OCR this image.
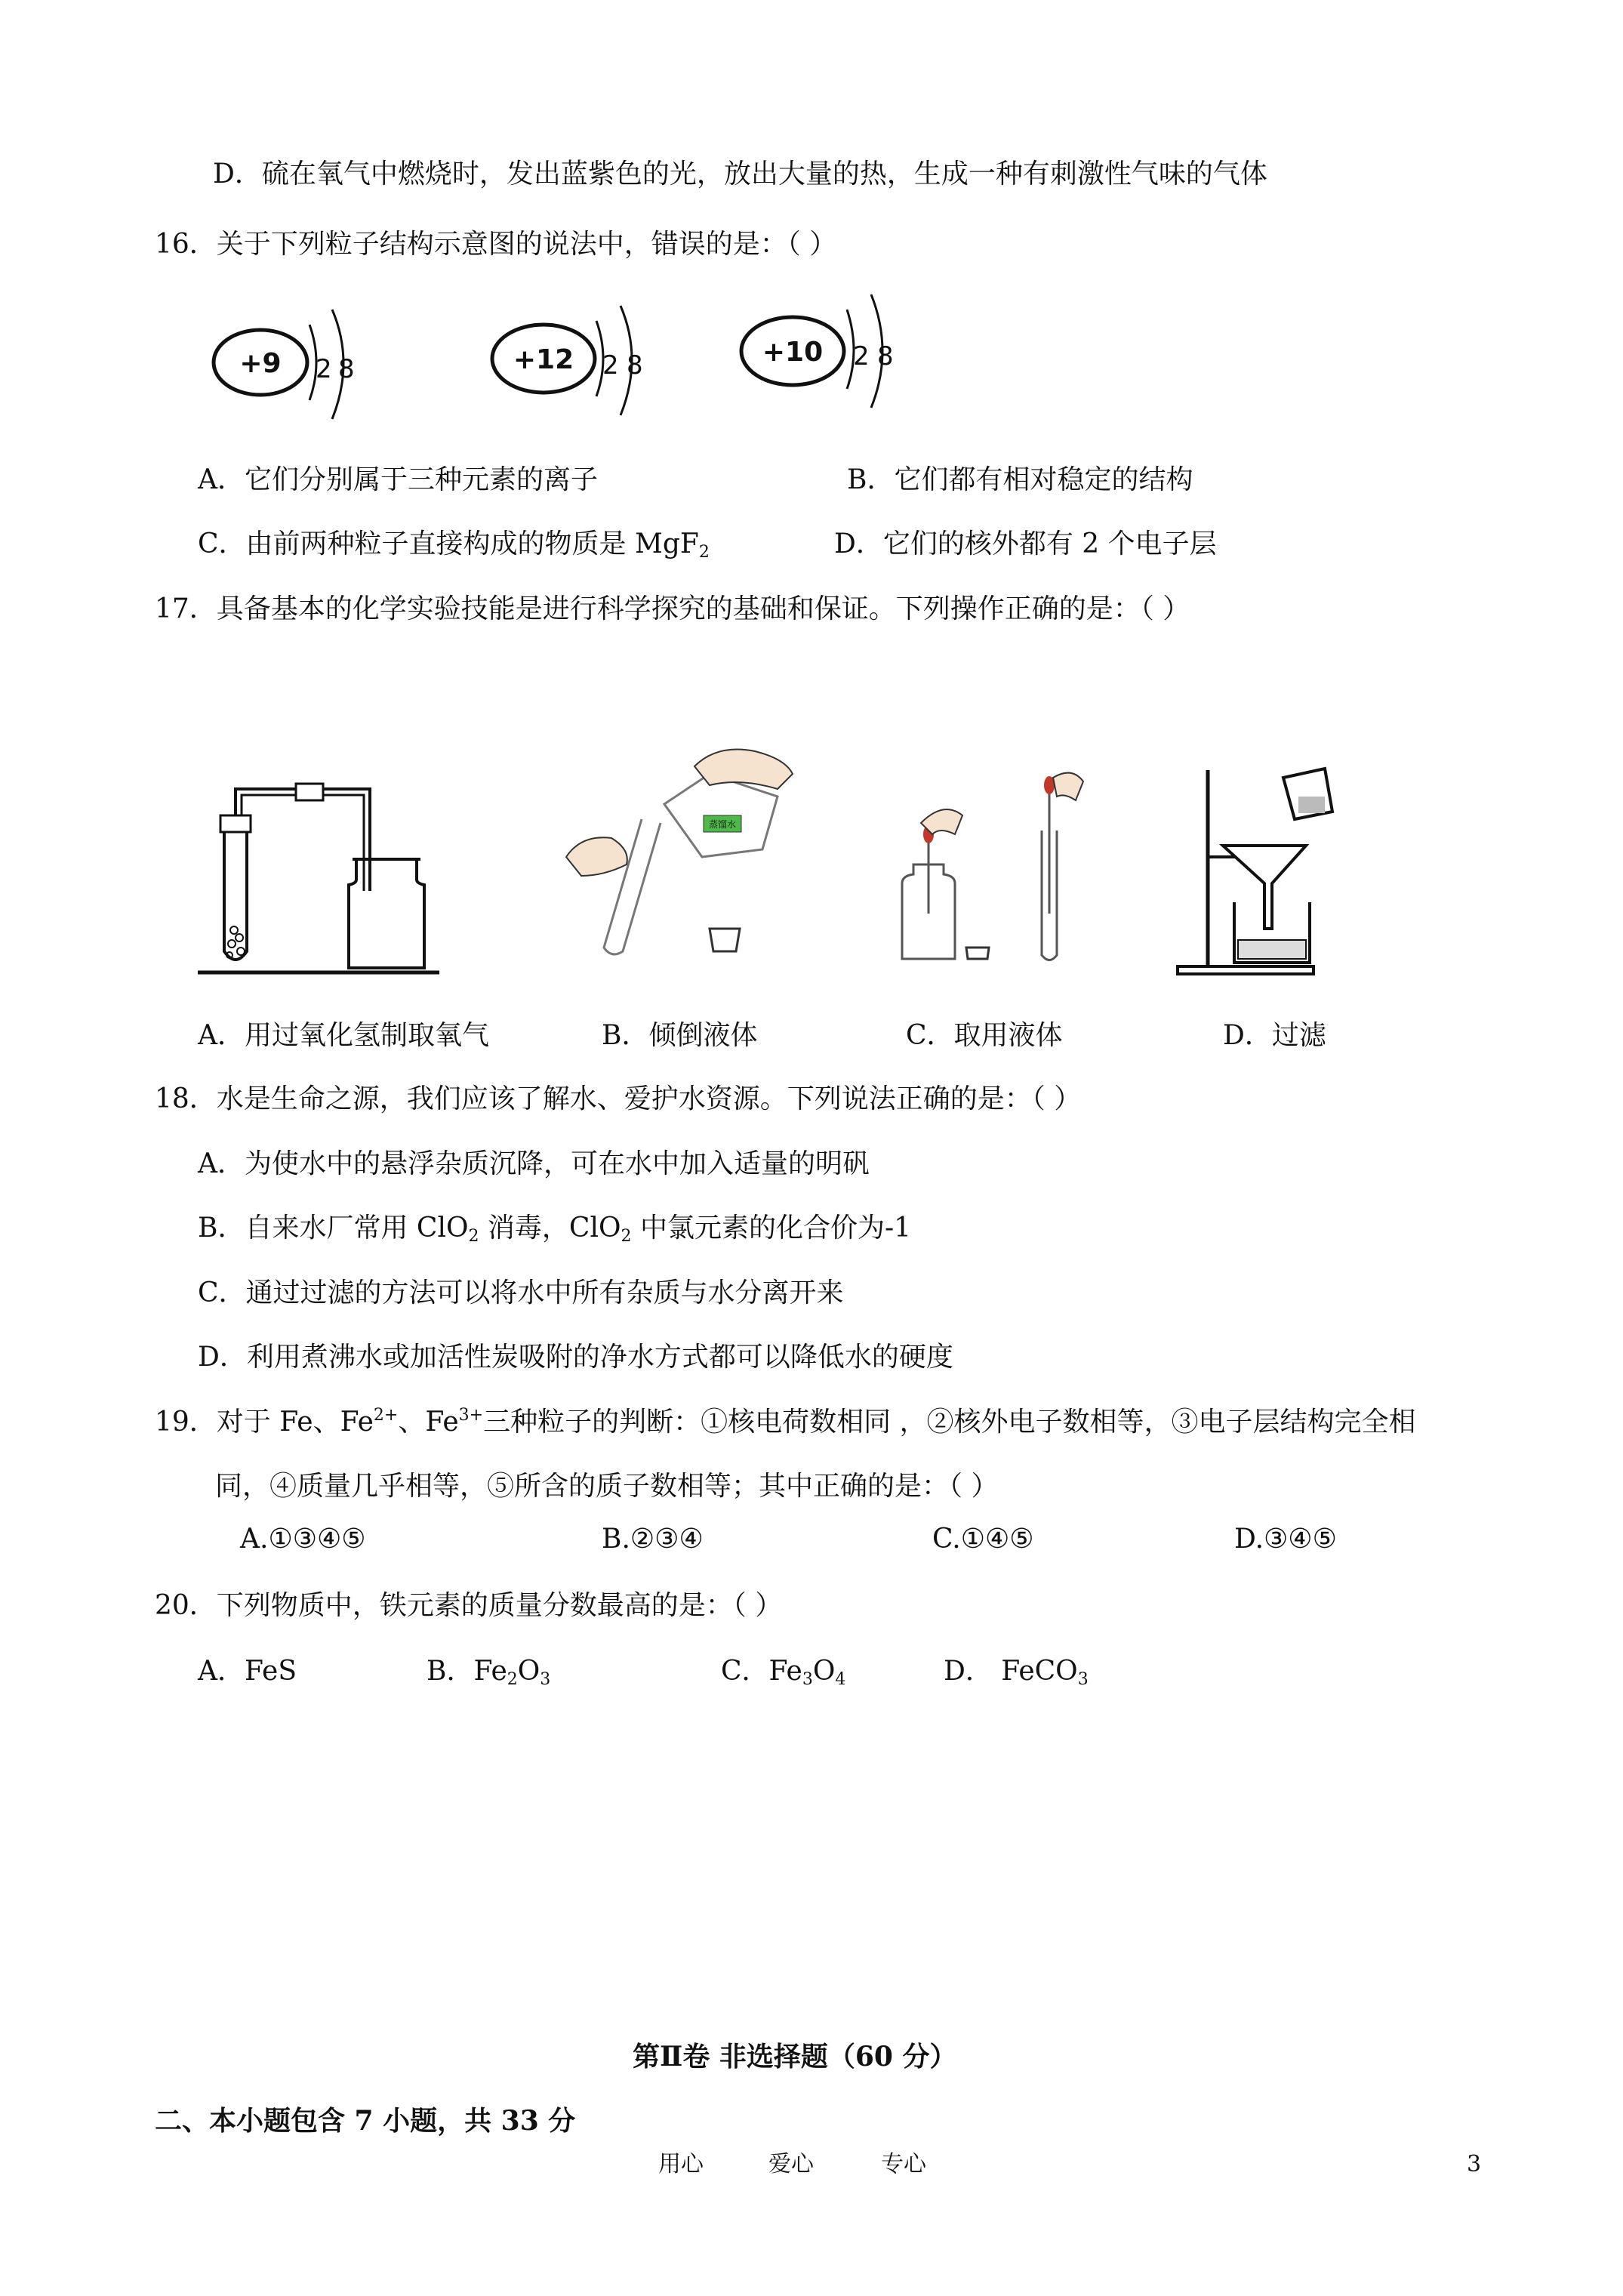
D．硫在氧气中燃烧时，发出蓝紫色的光，放出大量的热，生成一种有刺激性气味的气体
16．关于下列粒子结构示意图的说法中，错误的是：（ ）
+9 2 8	+12 2 8	+10 2 8
A．它们分别属于三种元素的离子	B．它们都有相对稳定的结构
C．由前两种粒子直接构成的物质是 MgF$_2$	D．它们的核外都有 2 个电子层
17．具备基本的化学实验技能是进行科学探究的基础和保证。下列操作正确的是：（ ）
蒸馏水
A．用过氧化氢制取氧气	B．倾倒液体	C．取用液体	D．过滤
18．水是生命之源，我们应该了解水、爱护水资源。下列说法正确的是：（ ）
A．为使水中的悬浮杂质沉降，可在水中加入适量的明矾
B．自来水厂常用 ClO$_2$ 消毒，ClO$_2$ 中氯元素的化合价为-1
C．通过过滤的方法可以将水中所有杂质与水分离开来
D．利用煮沸水或加活性炭吸附的净水方式都可以降低水的硬度
19．对于 Fe、$Fe^{2+}$、$Fe^{3+}$三种粒子的判断：①核电荷数相同 ，②核外电子数相等，③电子层结构完全相
同，④质量几乎相等，⑤所含的质子数相等；其中正确的是：（ ）
A.①③④⑤	B.②③④	C.①④⑤	D.③④⑤
20．下列物质中，铁元素的质量分数最高的是：（ ）
A．FeS	B．$Fe_2O_3$	C．$Fe_3O_4$	D． FeCO$_3$
第Ⅱ卷 非选择题（60 分）
二、本小题包含 7 小题，共 33 分
用心	爱心	专心	3
